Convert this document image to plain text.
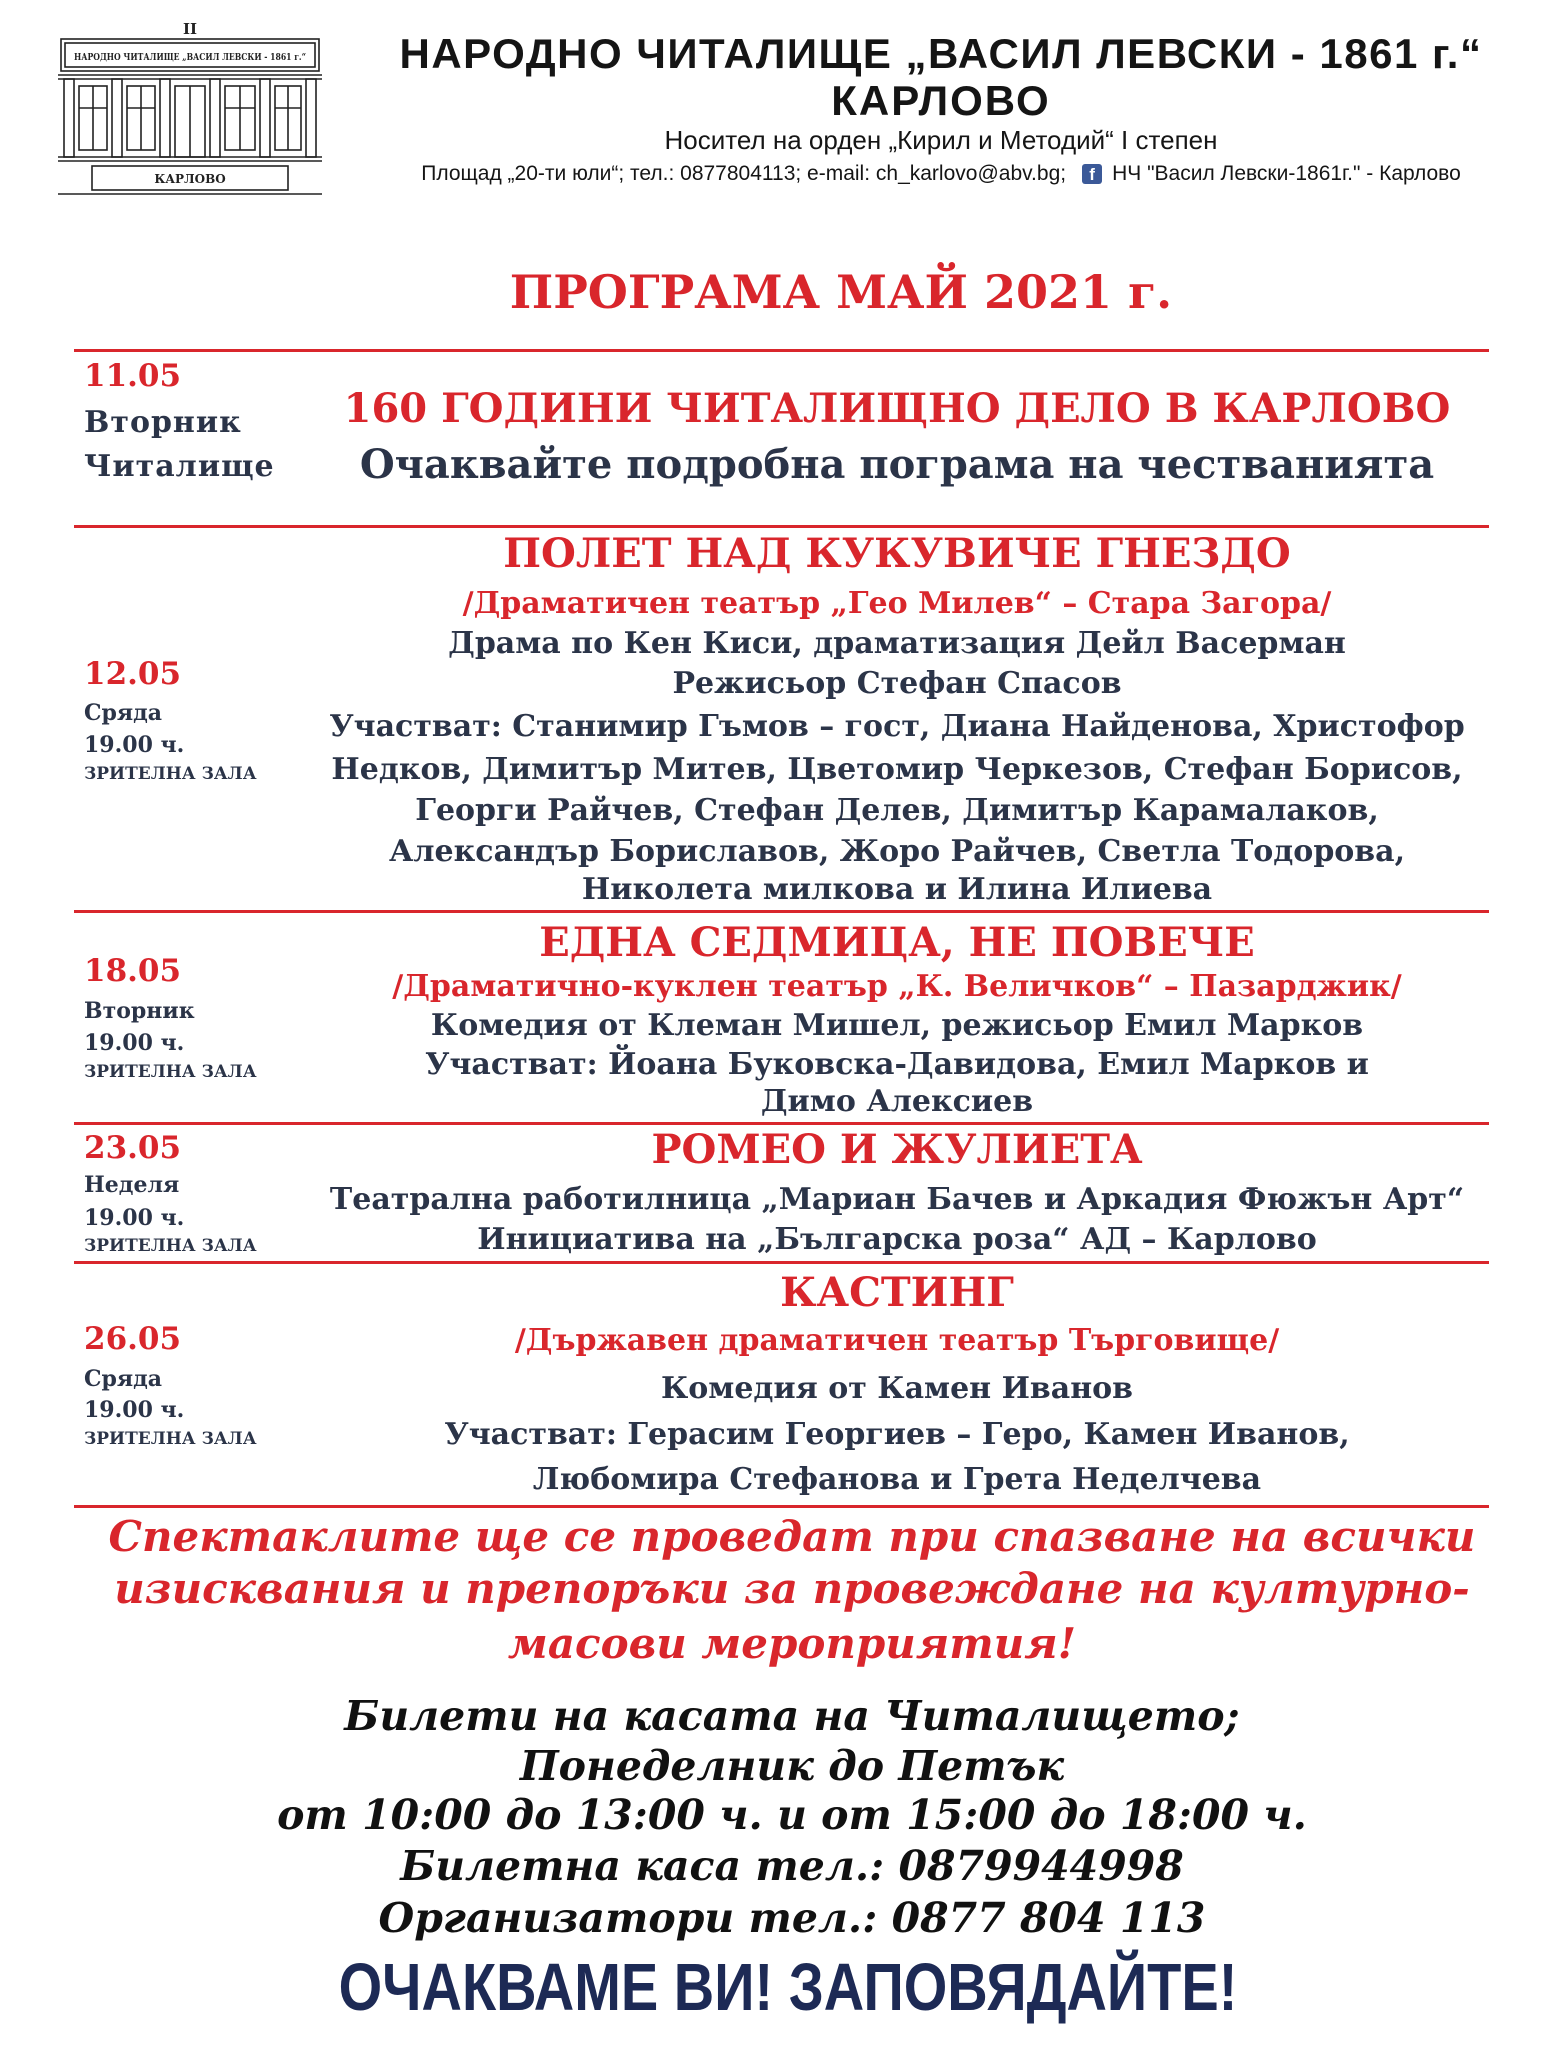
II
НАРОДНО ЧИТАЛИЩЕ „ВАСИЛ ЛЕВСКИ - 1861 г.“
КАРЛОВО
НАРОДНО ЧИТАЛИЩЕ „ВАСИЛ ЛЕВСКИ - 1861 г.“
КАРЛОВО
Носител на орден „Кирил и Методий“ I степен
Площад „20-ти юли“; тел.: 0877804113; e-mail: ch_karlovo@abv.bg;	f НЧ "Васил Левски-1861г." - Карлово
ПРОГРАМА МАЙ 2021 г.
11.05
Вторник
Читалище
160 ГОДИНИ ЧИТАЛИЩНО ДЕЛО В КАРЛОВО
Очаквайте подробна пограма на честванията
12.05
Сряда
19.00 ч.
ЗРИТЕЛНА ЗАЛА
ПОЛЕТ НАД КУКУВИЧЕ ГНЕЗДО
/Драматичен театър „Гео Милев“ – Стара Загора/
Драма по Кен Киси, драматизация Дейл Васерман
Режисьор Стефан Спасов
Участват: Станимир Гъмов – гост, Диана Найденова, Христофор
Недков, Димитър Митев, Цветомир Черкезов, Стефан Борисов,
Георги Райчев, Стефан Делев, Димитър Карамалаков,
Александър Бориславов, Жоро Райчев, Светла Тодорова,
Николета милкова и Илина Илиева
18.05
Вторник
19.00 ч.
ЗРИТЕЛНА ЗАЛА
ЕДНА СЕДМИЦА, НЕ ПОВЕЧЕ
/Драматично-куклен театър „К. Величков“ – Пазарджик/
Комедия от Клеман Мишел, режисьор Емил Марков
Участват: Йоана Буковска-Давидова, Емил Марков и
Димо Алексиев
23.05
Неделя
19.00 ч.
ЗРИТЕЛНА ЗАЛА
РОМЕО И ЖУЛИЕТА
Театрална работилница „Мариан Бачев и Аркадия Фюжън Арт“
Инициатива на „Българска роза“ АД – Карлово
26.05
Сряда
19.00 ч.
ЗРИТЕЛНА ЗАЛА
КАСТИНГ
/Държавен драматичен театър Търговище/
Комедия от Камен Иванов
Участват: Герасим Георгиев – Геро, Камен Иванов,
Любомира Стефанова и Грета Неделчева
Спектаклите ще се проведат при спазване на всички
изисквания и препоръки за провеждане на културно-
масови мероприятия!
Билети на касата на Читалището;
Понеделник до Петък
от 10:00 до 13:00 ч. и от 15:00 до 18:00 ч.
Билетна каса тел.: 0879944998
Организатори тел.: 0877 804 113
ОЧАКВАМЕ ВИ! ЗАПОВЯДАЙТЕ!
